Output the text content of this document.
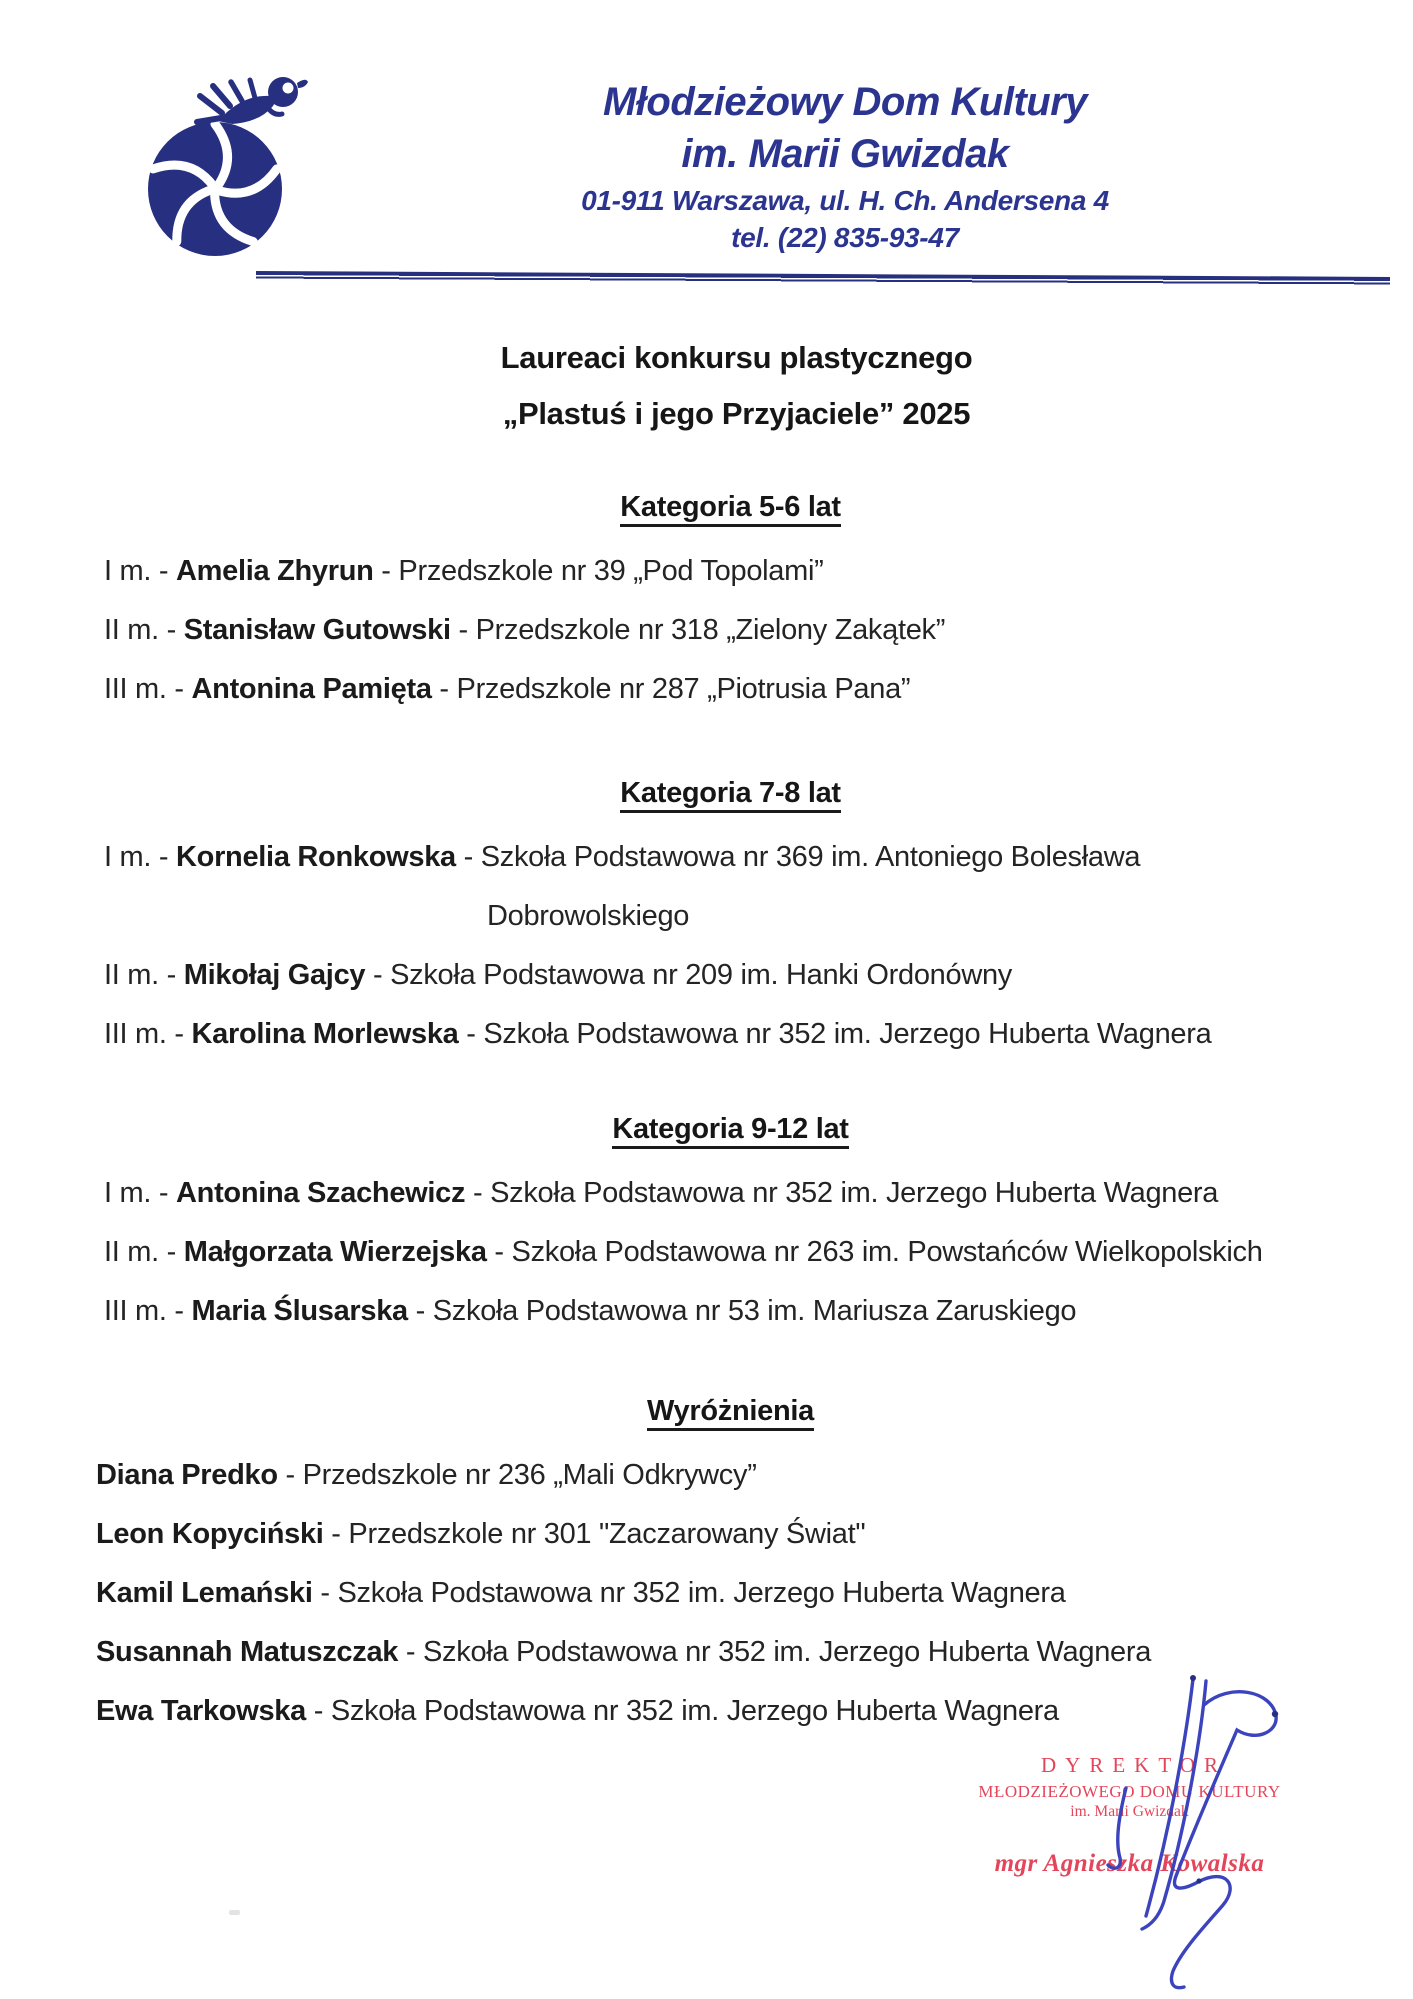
Młodzieżowy Dom Kultury
im. Marii Gwizdak
01-911 Warszawa, ul. H. Ch. Andersena 4
tel. (22) 835-93-47
Laureaci konkursu plastycznego
„Plastuś i jego Przyjaciele” 2025
Kategoria 5-6 lat
I m. - Amelia Zhyrun - Przedszkole nr 39 „Pod Topolami”
II m. - Stanisław Gutowski - Przedszkole nr 318 „Zielony Zakątek”
III m. - Antonina Pamięta - Przedszkole nr 287 „Piotrusia Pana”
Kategoria 7-8 lat
I m. - Kornelia Ronkowska - Szkoła Podstawowa nr 369 im. Antoniego Bolesława
Dobrowolskiego
II m. - Mikołaj Gajcy - Szkoła Podstawowa nr 209 im. Hanki Ordonówny
III m. - Karolina Morlewska - Szkoła Podstawowa nr 352 im. Jerzego Huberta Wagnera
Kategoria 9-12 lat
I m. - Antonina Szachewicz - Szkoła Podstawowa nr 352 im. Jerzego Huberta Wagnera
II m. - Małgorzata Wierzejska - Szkoła Podstawowa nr 263 im. Powstańców Wielkopolskich
III m. - Maria Ślusarska - Szkoła Podstawowa nr 53 im. Mariusza Zaruskiego
Wyróżnienia
Diana Predko - Przedszkole nr 236 „Mali Odkrywcy”
Leon Kopyciński - Przedszkole nr 301 "Zaczarowany Świat"
Kamil Lemański - Szkoła Podstawowa nr 352 im. Jerzego Huberta Wagnera
Susannah Matuszczak - Szkoła Podstawowa nr 352 im. Jerzego Huberta Wagnera
Ewa Tarkowska - Szkoła Podstawowa nr 352 im. Jerzego Huberta Wagnera
DYREKTOR
MŁODZIEŻOWEGO DOMU KULTURY
im. Marii Gwizdak
mgr Agnieszka Kowalska
